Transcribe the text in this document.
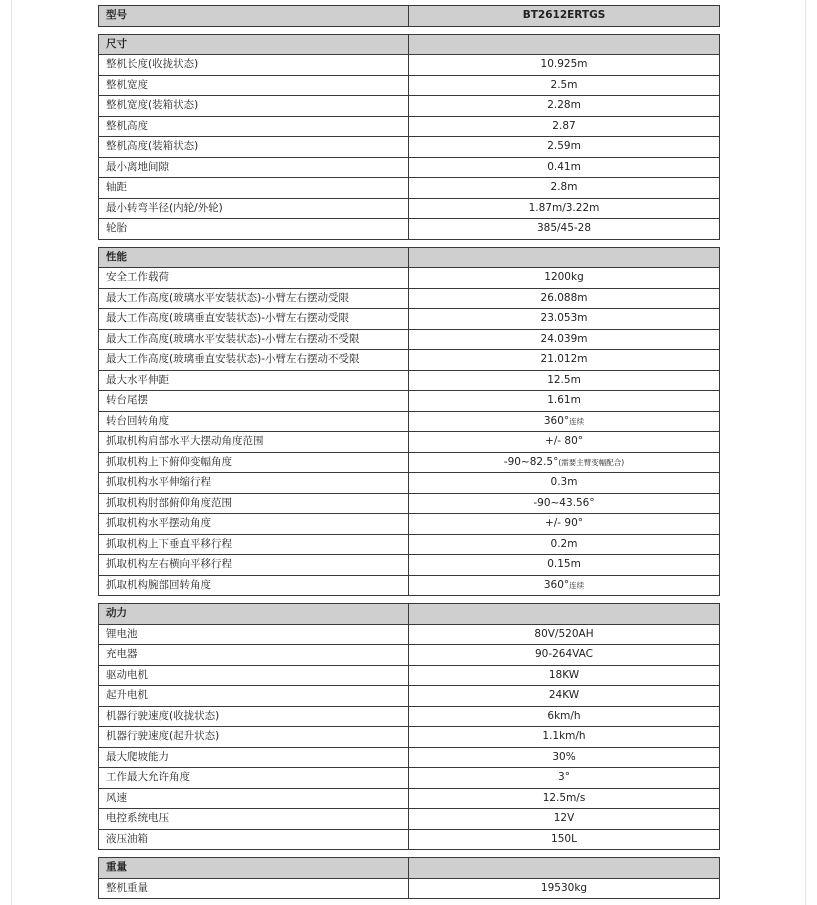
型号	BT2612ERTGS

尺寸	
整机长度(收拢状态)	10.925m
整机宽度	2.5m
整机宽度(装箱状态)	2.28m
整机高度	2.87
整机高度(装箱状态)	2.59m
最小离地间隙	0.41m
轴距	2.8m
最小转弯半径(内轮/外轮)	1.87m/3.22m
轮胎	385/45-28

性能	
安全工作载荷	1200kg
最大工作高度(玻璃水平安装状态)-小臂左右摆动受限	26.088m
最大工作高度(玻璃垂直安装状态)-小臂左右摆动受限	23.053m
最大工作高度(玻璃水平安装状态)-小臂左右摆动不受限	24.039m
最大工作高度(玻璃垂直安装状态)-小臂左右摆动不受限	21.012m
最大水平伸距	12.5m
转台尾摆	1.61m
转台回转角度	360°连续
抓取机构肩部水平大摆动角度范围	+/- 80°
抓取机构上下俯仰变幅角度	-90~82.5°(需要主臂变幅配合)
抓取机构水平伸缩行程	0.3m
抓取机构肘部俯仰角度范围	-90~43.56°
抓取机构水平摆动角度	+/- 90°
抓取机构上下垂直平移行程	0.2m
抓取机构左右横向平移行程	0.15m
抓取机构腕部回转角度	360°连续

动力	
锂电池	80V/520AH
充电器	90-264VAC
驱动电机	18KW
起升电机	24KW
机器行驶速度(收拢状态)	6km/h
机器行驶速度(起升状态)	1.1km/h
最大爬坡能力	30%
工作最大允许角度	3°
风速	12.5m/s
电控系统电压	12V
液压油箱	150L

重量	
整机重量	19530kg
